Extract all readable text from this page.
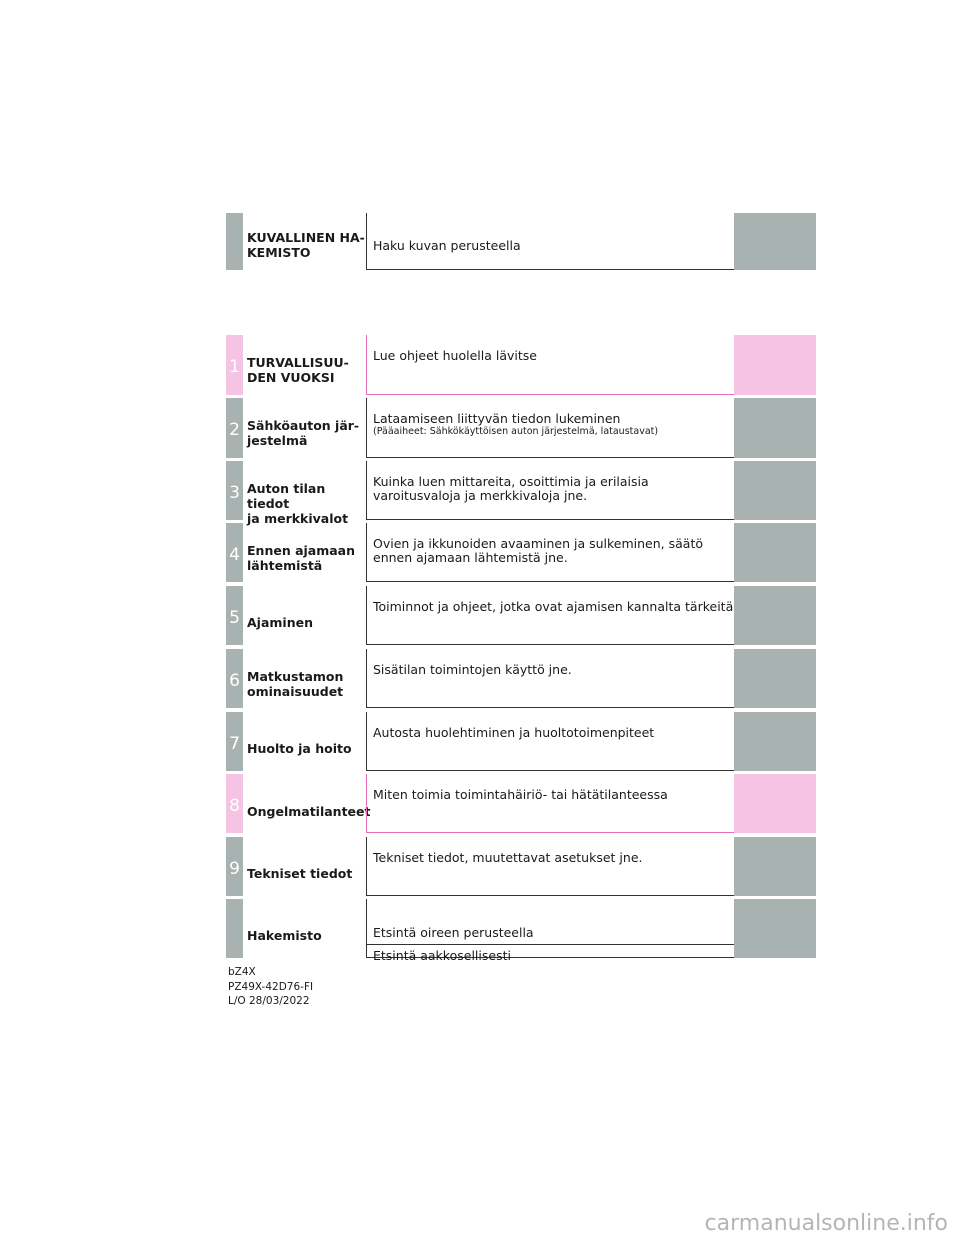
KUVALLINEN HA-
KEMISTO	Haku kuvan perusteella
1 TURVALLISUU-
DEN VUOKSI
Lue ohjeet huolella lävitse
2 Sähköauton jär-
jestelmä
Lataamiseen liittyvän tiedon lukeminen
(Pääaiheet: Sähkökäyttöisen auton järjestelmä, lataustavat)
3 Auton tilan tiedot
ja merkkivalot
Kuinka luen mittareita, osoittimia ja erilaisia
varoitusvaloja ja merkkivaloja jne.
4 Ennen ajamaan
lähtemistä
Ovien ja ikkunoiden avaaminen ja sulkeminen, säätö
ennen ajamaan lähtemistä jne.
5 Ajaminen
Toiminnot ja ohjeet, jotka ovat ajamisen kannalta tärkeitä
6 Matkustamon
ominaisuudet
Sisätilan toimintojen käyttö jne.
7 Huolto ja hoito
Autosta huolehtiminen ja huoltotoimenpiteet
8 Ongelmatilanteet
Miten toimia toimintahäiriö- tai hätätilanteessa
9 Tekniset tiedot
Tekniset tiedot, muutettavat asetukset jne.
Hakemisto	Etsintä oireen perusteella
Etsintä aakkosellisesti

bZ4X
PZ49X-42D76-FI
L/O 28/03/2022
carmanualsonline.info
